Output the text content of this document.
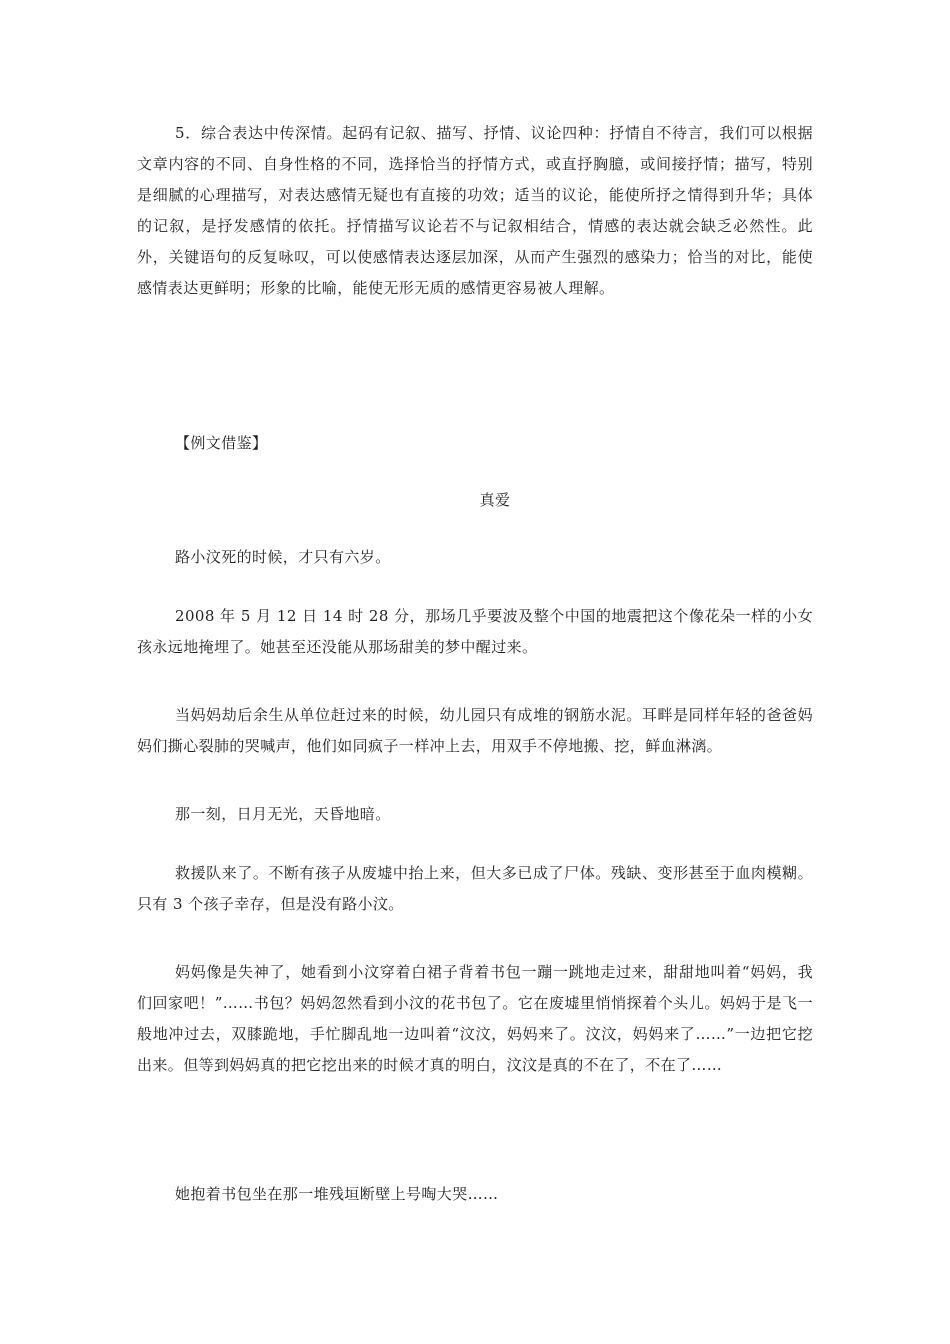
5．综合表达中传深情。起码有记叙、描写、抒情、议论四种：抒情自不待言，我们可以根据文章内容的不同、自身性格的不同，选择恰当的抒情方式，或直抒胸臆，或间接抒情；描写，特别是细腻的心理描写，对表达感情无疑也有直接的功效；适当的议论，能使所抒之情得到升华；具体的记叙，是抒发感情的依托。抒情描写议论若不与记叙相结合，情感的表达就会缺乏必然性。此外，关键语句的反复咏叹，可以使感情表达逐层加深，从而产生强烈的感染力；恰当的对比，能使感情表达更鲜明；形象的比喻，能使无形无质的感情更容易被人理解。

【例文借鉴】

真爱

路小汶死的时候，才只有六岁。

2008 年 5 月 12 日 14 时 28 分，那场几乎要波及整个中国的地震把这个像花朵一样的小女孩永远地掩埋了。她甚至还没能从那场甜美的梦中醒过来。

当妈妈劫后余生从单位赶过来的时候，幼儿园只有成堆的钢筋水泥。耳畔是同样年轻的爸爸妈妈们撕心裂肺的哭喊声，他们如同疯子一样冲上去，用双手不停地搬、挖，鲜血淋漓。

那一刻，日月无光，天昏地暗。

救援队来了。不断有孩子从废墟中抬上来，但大多已成了尸体。残缺、变形甚至于血肉模糊。只有 3 个孩子幸存，但是没有路小汶。

妈妈像是失神了，她看到小汶穿着白裙子背着书包一蹦一跳地走过来，甜甜地叫着“妈妈，我们回家吧！”……书包？妈妈忽然看到小汶的花书包了。它在废墟里悄悄探着个头儿。妈妈于是飞一般地冲过去，双膝跪地，手忙脚乱地一边叫着“汶汶，妈妈来了。汶汶，妈妈来了……”一边把它挖出来。但等到妈妈真的把它挖出来的时候才真的明白，汶汶是真的不在了，不在了……

她抱着书包坐在那一堆残垣断壁上号啕大哭……
